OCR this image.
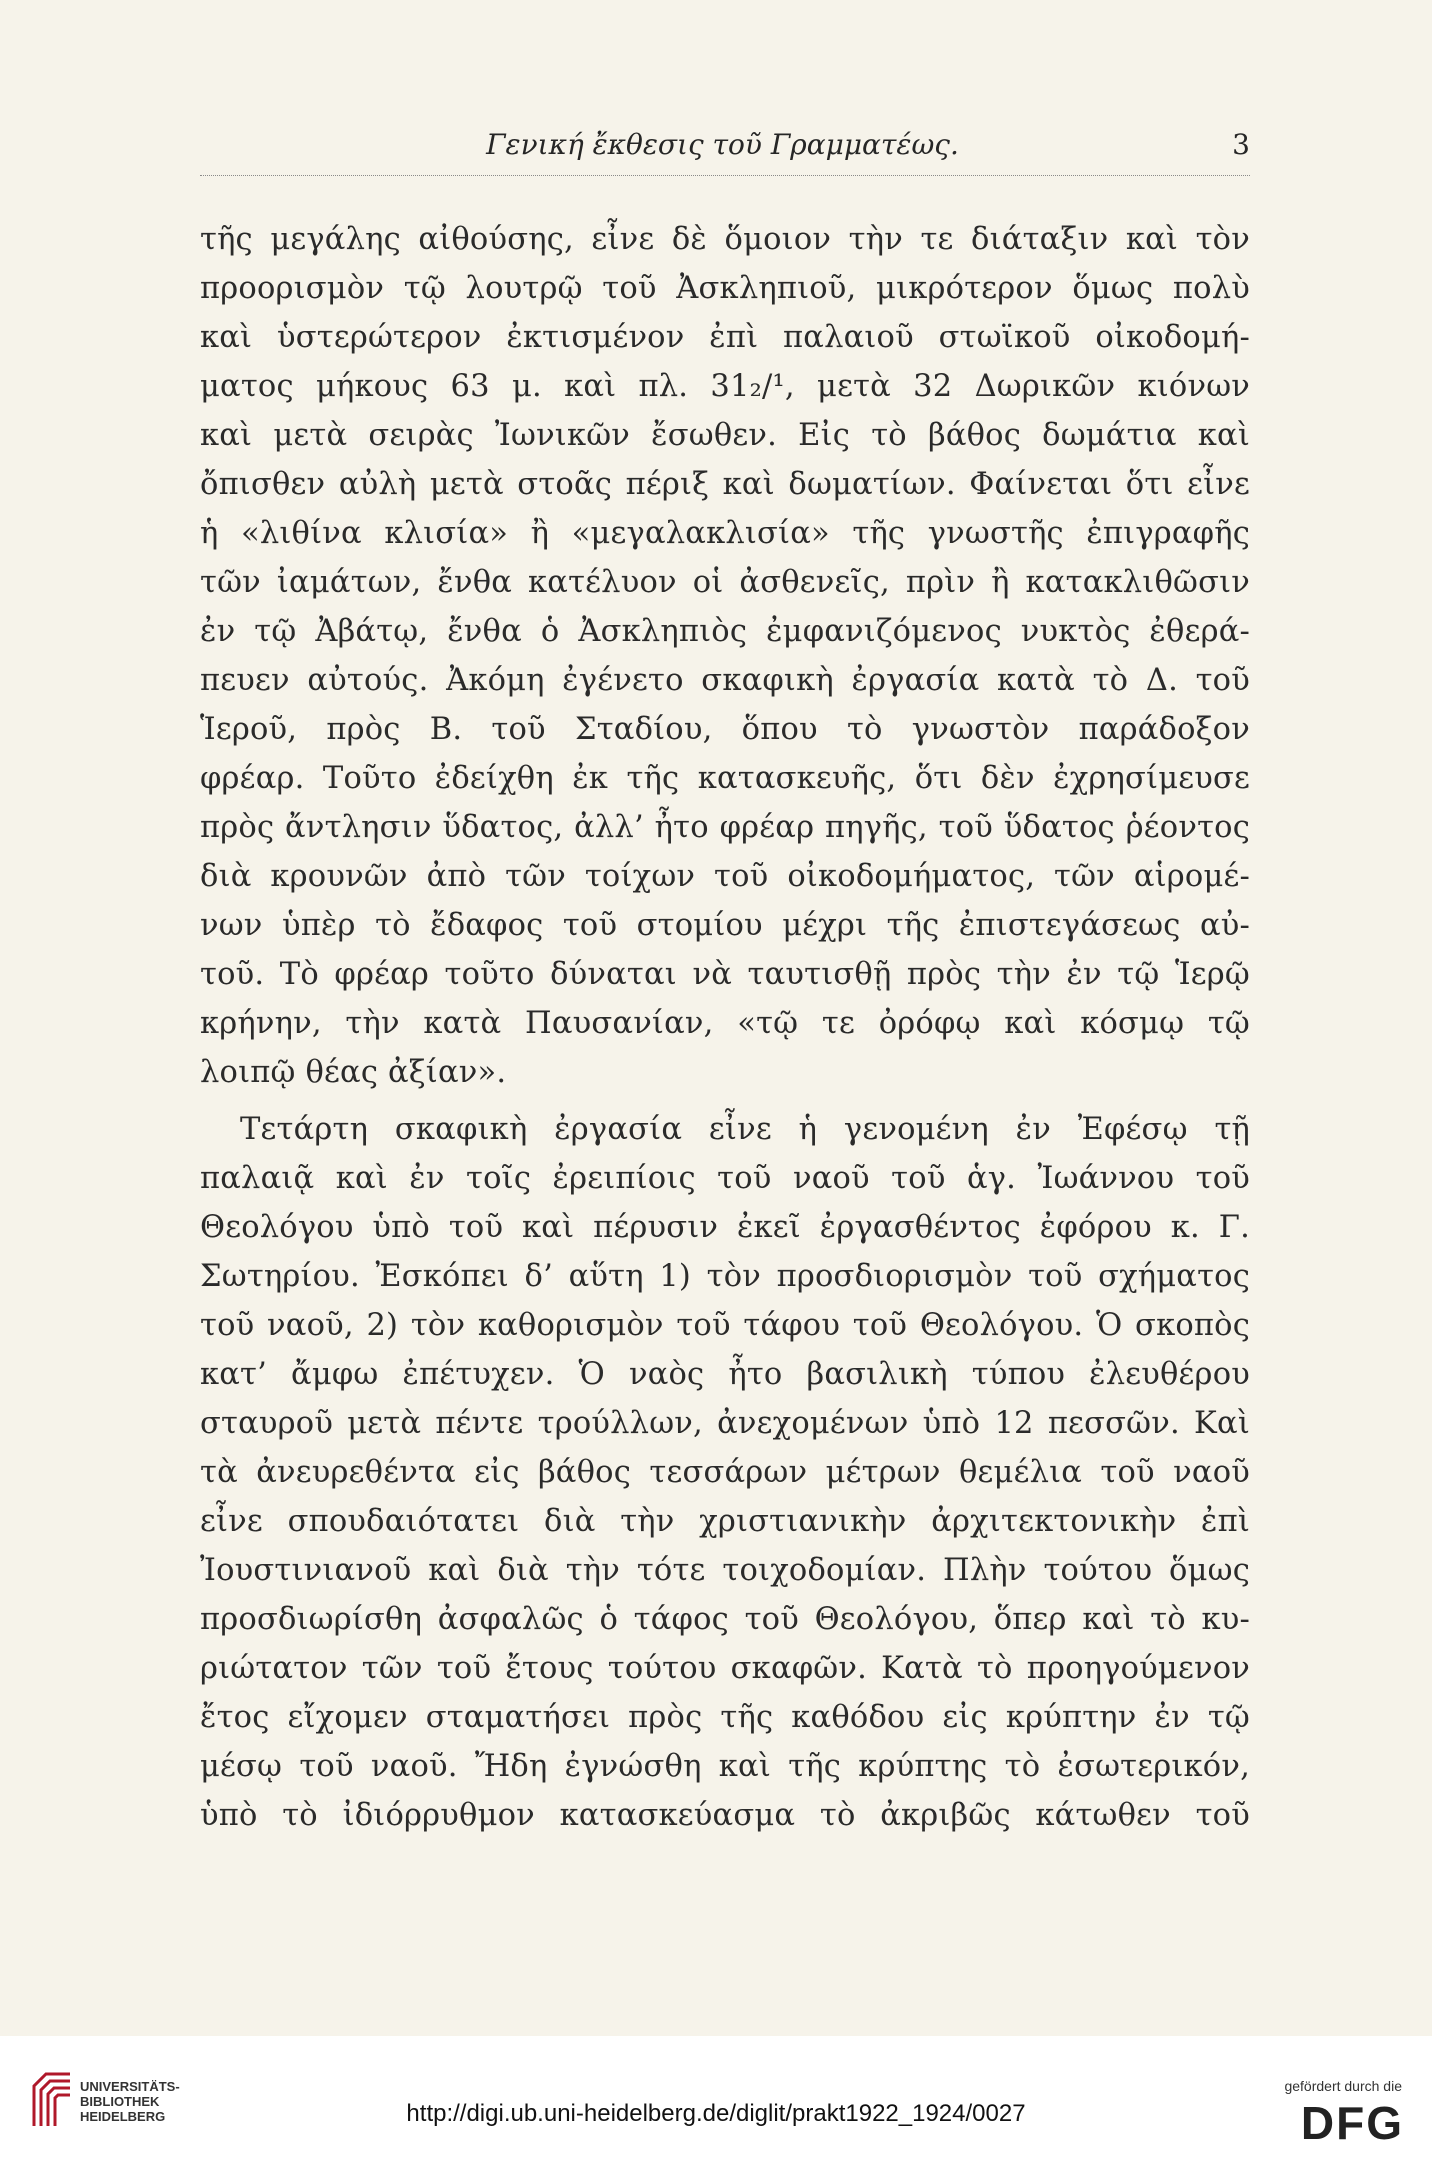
Γενική ἔκθεσις τοῦ Γραμματέως.	3
τῆς μεγάλης αἰθούσης, εἶνε δὲ ὅμοιον τὴν τε διάταξιν καὶ τὸν
προορισμὸν τῷ λουτρῷ τοῦ Ἀσκληπιοῦ, μικρότερον ὅμως πολὺ
καὶ ὑστερώτερον ἐκτισμένον ἐπὶ παλαιοῦ στωϊκοῦ οἰκοδομή-
ματος μήκους 63 μ. καὶ πλ. 31₂/¹, μετὰ 32 Δωρικῶν κιόνων
καὶ μετὰ σειρὰς Ἰωνικῶν ἔσωθεν. Εἰς τὸ βάθος δωμάτια καὶ
ὄπισθεν αὐλὴ μετὰ στοᾶς πέριξ καὶ δωματίων. Φαίνεται ὅτι εἶνε
ἡ «λιθίνα κλισία» ἢ «μεγαλακλισία» τῆς γνωστῆς ἐπιγραφῆς
τῶν ἰαμάτων, ἔνθα κατέλυον οἱ ἀσθενεῖς, πρὶν ἢ κατακλιθῶσιν
ἐν τῷ Ἀβάτῳ, ἔνθα ὁ Ἀσκληπιὸς ἐμφανιζόμενος νυκτὸς ἐθερά-
πευεν αὐτούς. Ἀκόμη ἐγένετο σκαφικὴ ἐργασία κατὰ τὸ Δ. τοῦ
Ἱεροῦ, πρὸς Β. τοῦ Σταδίου, ὅπου τὸ γνωστὸν παράδοξον
φρέαρ. Τοῦτο ἐδείχθη ἐκ τῆς κατασκευῆς, ὅτι δὲν ἐχρησίμευσε
πρὸς ἄντλησιν ὕδατος, ἀλλ’ ἦτο φρέαρ πηγῆς, τοῦ ὕδατος ῥέοντος
διὰ κρουνῶν ἀπὸ τῶν τοίχων τοῦ οἰκοδομήματος, τῶν αἱρομέ-
νων ὑπὲρ τὸ ἔδαφος τοῦ στομίου μέχρι τῆς ἐπιστεγάσεως αὐ-
τοῦ. Τὸ φρέαρ τοῦτο δύναται νὰ ταυτισθῇ πρὸς τὴν ἐν τῷ Ἱερῷ
κρήνην, τὴν κατὰ Παυσανίαν, «τῷ τε ὀρόφῳ καὶ κόσμῳ τῷ
λοιπῷ θέας ἀξίαν».
Τετάρτη σκαφικὴ ἐργασία εἶνε ἡ γενομένη ἐν Ἐφέσῳ τῇ
παλαιᾷ καὶ ἐν τοῖς ἐρειπίοις τοῦ ναοῦ τοῦ ἁγ. Ἰωάννου τοῦ
Θεολόγου ὑπὸ τοῦ καὶ πέρυσιν ἐκεῖ ἐργασθέντος ἐφόρου κ. Γ.
Σωτηρίου. Ἐσκόπει δ’ αὕτη 1) τὸν προσδιορισμὸν τοῦ σχήματος
τοῦ ναοῦ, 2) τὸν καθορισμὸν τοῦ τάφου τοῦ Θεολόγου. Ὁ σκοπὸς
κατ’ ἄμφω ἐπέτυχεν. Ὁ ναὸς ἦτο βασιλικὴ τύπου ἐλευθέρου
σταυροῦ μετὰ πέντε τρούλλων, ἀνεχομένων ὑπὸ 12 πεσσῶν. Καὶ
τὰ ἀνευρεθέντα εἰς βάθος τεσσάρων μέτρων θεμέλια τοῦ ναοῦ
εἶνε σπουδαιότατει διὰ τὴν χριστιανικὴν ἀρχιτεκτονικὴν ἐπὶ
Ἰουστινιανοῦ καὶ διὰ τὴν τότε τοιχοδομίαν. Πλὴν τούτου ὅμως
προσδιωρίσθη ἀσφαλῶς ὁ τάφος τοῦ Θεολόγου, ὅπερ καὶ τὸ κυ-
ριώτατον τῶν τοῦ ἔτους τούτου σκαφῶν. Κατὰ τὸ προηγούμενον
ἔτος εἴχομεν σταματήσει πρὸς τῆς καθόδου εἰς κρύπτην ἐν τῷ
μέσῳ τοῦ ναοῦ. Ἤδη ἐγνώσθη καὶ τῆς κρύπτης τὸ ἐσωτερικόν,
ὑπὸ τὸ ἰδιόρρυθμον κατασκεύασμα τὸ ἀκριβῶς κάτωθεν τοῦ
UNIVERSITÄTS-
BIBLIOTHEK
HEIDELBERG	http://digi.ub.uni-heidelberg.de/diglit/prakt1922_1924/0027
gefördert durch die
DFG
